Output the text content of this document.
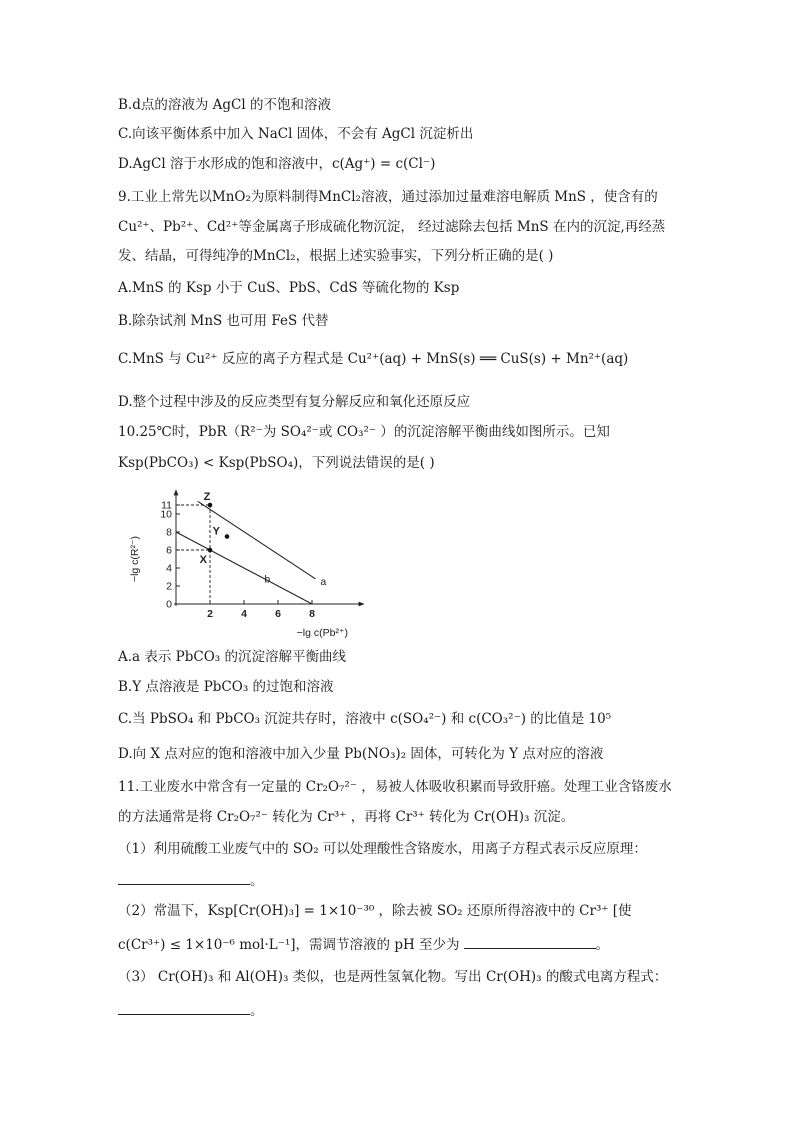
B.d点的溶液为 AgCl 的不饱和溶液
C.向该平衡体系中加入 NaCl 固体，不会有 AgCl 沉淀析出
D.AgCl 溶于水形成的饱和溶液中，c(Ag⁺) = c(Cl⁻)
9.工业上常先以MnO₂为原料制得MnCl₂溶液，通过添加过量难溶电解质 MnS ，使含有的
Cu²⁺、Pb²⁺、Cd²⁺等金属离子形成硫化物沉淀， 经过滤除去包括 MnS 在内的沉淀,再经蒸
发、结晶，可得纯净的MnCl₂，根据上述实验事实，下列分析正确的是( )
A.MnS 的 Ksp 小于 CuS、PbS、CdS 等硫化物的 Ksp
B.除杂试剂 MnS 也可用 FeS 代替
C.MnS 与 Cu²⁺ 反应的离子方程式是 Cu²⁺(aq) + MnS(s) ══ CuS(s) + Mn²⁺(aq)
D.整个过程中涉及的反应类型有复分解反应和氧化还原反应
10.25℃时，PbR（R²⁻为 SO₄²⁻或 CO₃²⁻ ）的沉淀溶解平衡曲线如图所示。已知
Ksp(PbCO₃) < Ksp(PbSO₄)，下列说法错误的是( )
0
2
4
6
8
10
11
2	4	6	8
−lg c(Pb²⁺)
−lg c(R²⁻)	a
b
Z
Y
X
A.a 表示 PbCO₃ 的沉淀溶解平衡曲线
B.Y 点溶液是 PbCO₃ 的过饱和溶液
C.当 PbSO₄ 和 PbCO₃ 沉淀共存时，溶液中 c(SO₄²⁻) 和 c(CO₃²⁻) 的比值是 10⁵
D.向 X 点对应的饱和溶液中加入少量 Pb(NO₃)₂ 固体，可转化为 Y 点对应的溶液
11.工业废水中常含有一定量的 Cr₂O₇²⁻ ，易被人体吸收积累而导致肝癌。处理工业含铬废水
的方法通常是将 Cr₂O₇²⁻ 转化为 Cr³⁺ ，再将 Cr³⁺ 转化为 Cr(OH)₃ 沉淀。
（1）利用硫酸工业废气中的 SO₂ 可以处理酸性含铬废水，用离子方程式表示反应原理：
。
（2）常温下，Ksp[Cr(OH)₃] = 1×10⁻³⁰ ，除去被 SO₂ 还原所得溶液中的 Cr³⁺ [使
c(Cr³⁺) ≤ 1×10⁻⁶ mol·L⁻¹]，需调节溶液的 pH 至少为	。
（3） Cr(OH)₃ 和 Al(OH)₃ 类似，也是两性氢氧化物。写出 Cr(OH)₃ 的酸式电离方程式：
。
